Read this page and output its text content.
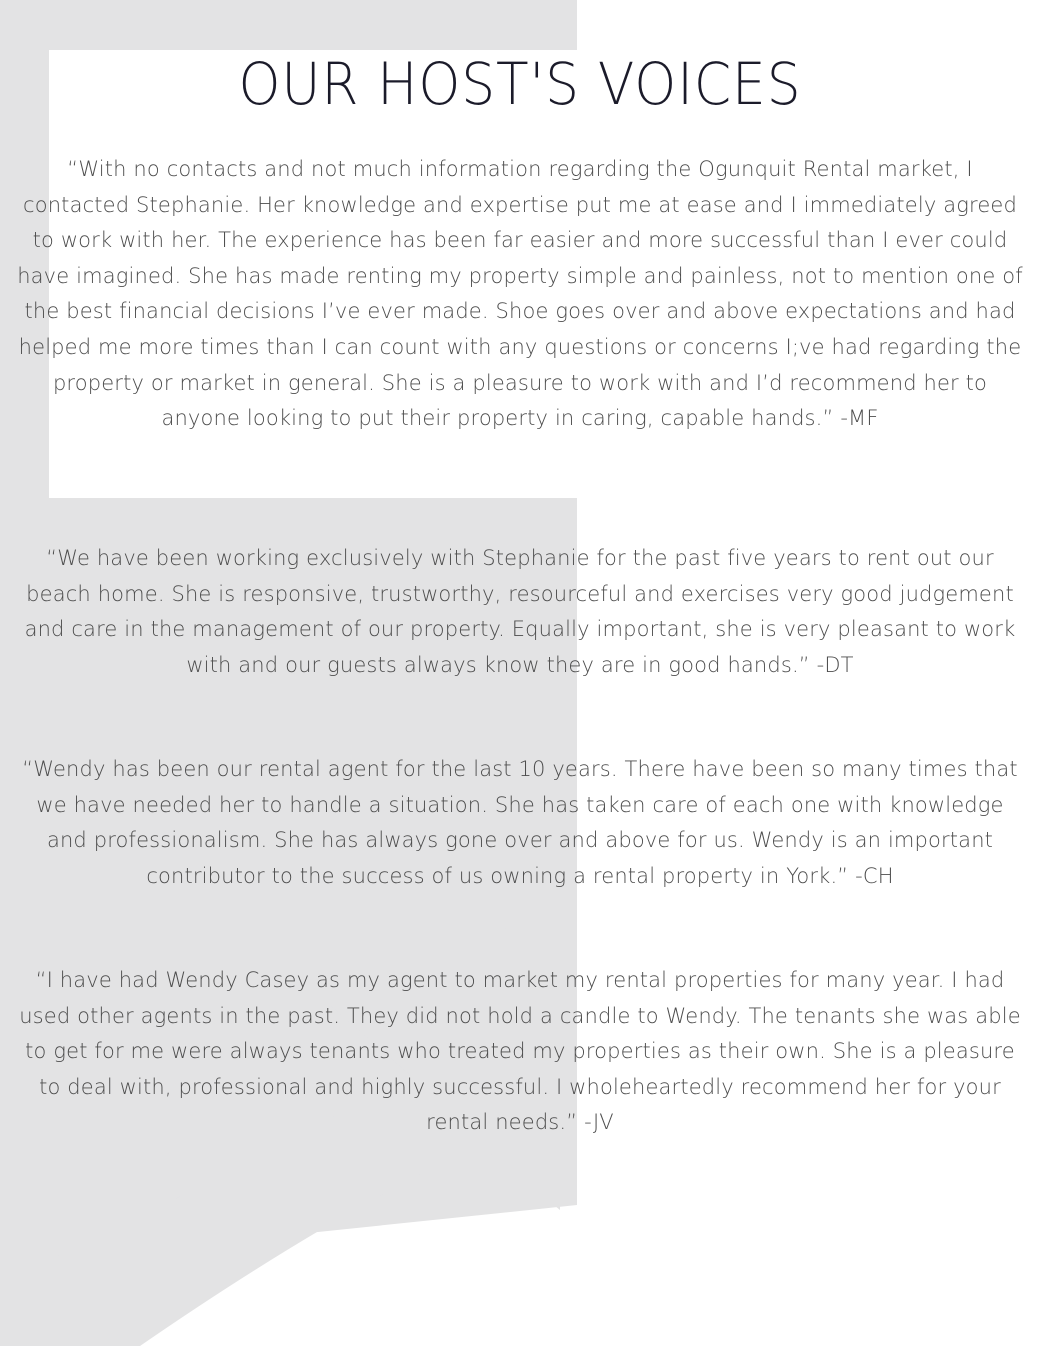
OUR HOST'S VOICES

“With no contacts and not much information regarding the Ogunquit Rental market, I contacted Stephanie. Her knowledge and expertise put me at ease and I immediately agreed to work with her. The experience has been far easier and more successful than I ever could have imagined. She has made renting my property simple and painless, not to mention one of the best financial decisions I’ve ever made. Shoe goes over and above expectations and had helped me more times than I can count with any questions or concerns I;ve had regarding the property or market in general. She is a pleasure to work with and I’d recommend her to anyone looking to put their property in caring, capable hands.” -MF

“We have been working exclusively with Stephanie for the past five years to rent out our beach home. She is responsive, trustworthy, resourceful and exercises very good judgement and care in the management of our property. Equally important, she is very pleasant to work with and our guests always know they are in good hands.” -DT

“Wendy has been our rental agent for the last 10 years. There have been so many times that we have needed her to handle a situation. She has taken care of each one with knowledge and professionalism. She has always gone over and above for us. Wendy is an important contributor to the success of us owning a rental property in York.” -CH

“I have had Wendy Casey as my agent to market my rental properties for many year. I had used other agents in the past. They did not hold a candle to Wendy. The tenants she was able to get for me were always tenants who treated my properties as their own. She is a pleasure to deal with, professional and highly successful. I wholeheartedly recommend her for your rental needs.” -JV
